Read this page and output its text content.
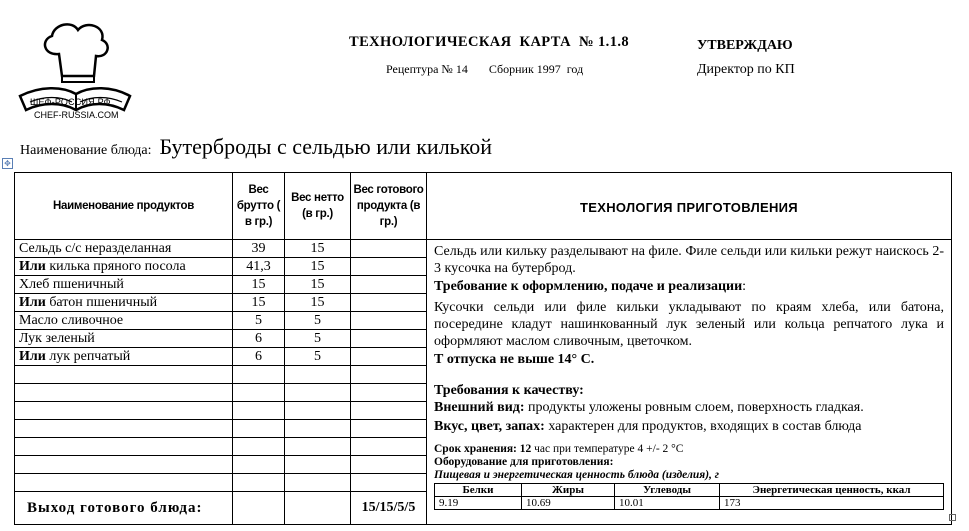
ШЕФ-РОССИЯ.РФ
CHEF-RUSSIA.COM
ТЕХНОЛОГИЧЕСКАЯ  КАРТА  № 1.1.8
Рецептура № 14       Сборник 1997  год
УТВЕРЖДАЮ
Директор по КП
Наименование блюда: Бутерброды с сельдью или килькой
✥
Наименование продуктов	Вес брутто ( в гр.)	Вес нетто (в гр.)	Вес готового продукта (в гр.)	ТЕХНОЛОГИЯ ПРИГОТОВЛЕНИЯ
Сельдь с/с неразделанная	39	15		Сельдь или кильку разделывают на филе. Филе сельди или кильки режут наискось 2-3 кусочка на бутерброд.

Требование к оформлению, подаче и реализации:

Кусочки сельди или филе кильки укладывают по краям хлеба, или батона, посередине кладут нашинкованный лук зеленый или кольца репчатого лука и оформляют маслом сливочным, цветочком.

Т отпуска не выше 14° С.

Требования к качеству:

Внешний вид: продукты уложены ровным слоем, поверхность гладкая.

Вкус, цвет, запах: характерен для продуктов, входящих в состав блюда

Срок хранения: 12 час при температуре 4 +/- 2 °С

Оборудование для приготовления:

Пищевая и энергетическая ценность блюда (изделия), г

Белки	Жиры	Углеводы	Энергетическая ценность, ккал
9.19	10.69	10.01	173

Или килька пряного посола	41,3	15	
Хлеб пшеничный	15	15	
Или батон пшеничный	15	15	
Масло сливочное	5	5	
Лук зеленый	6	5	
Или лук репчатый	6	5	

Выход готового блюда:			15/15/5/5
